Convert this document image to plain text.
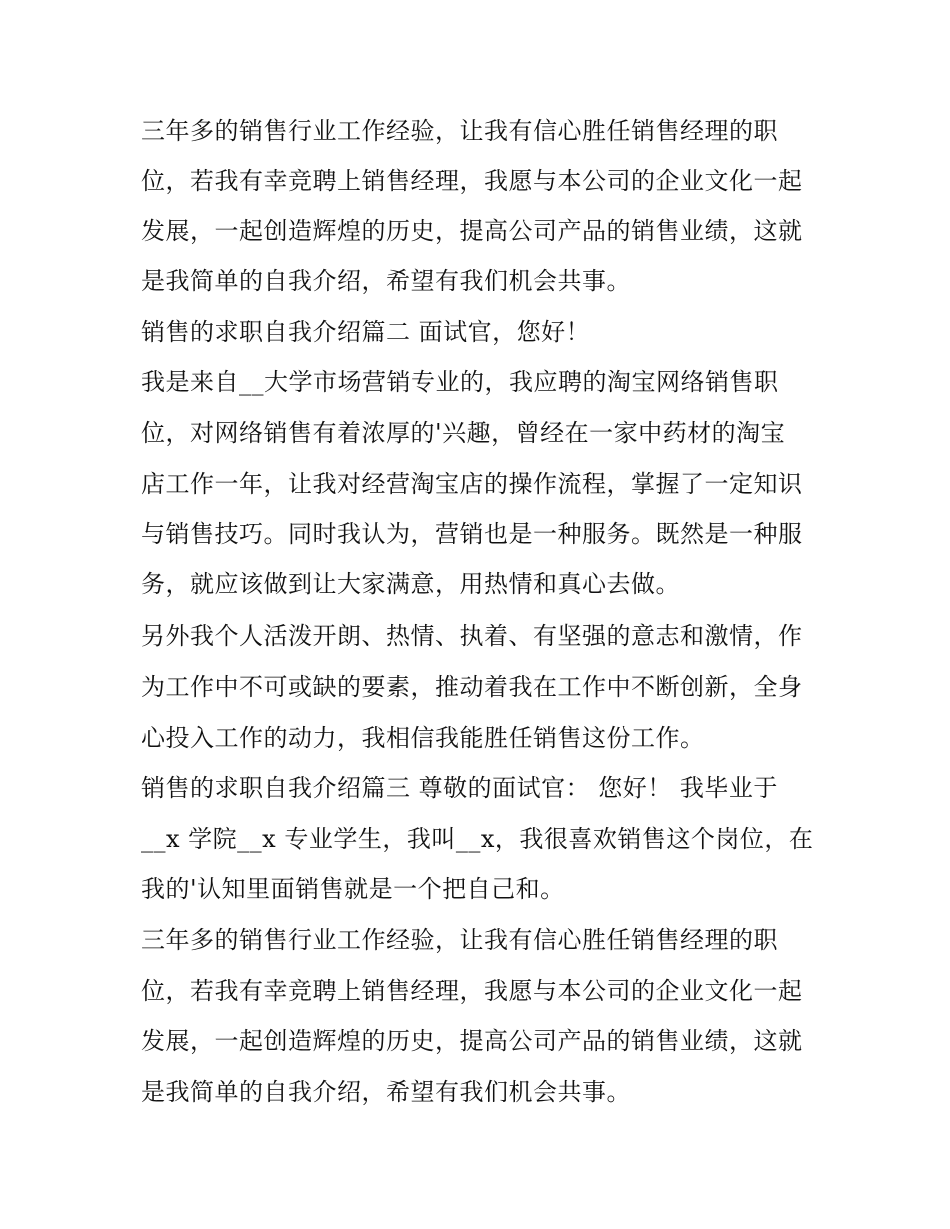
三年多的销售行业工作经验，让我有信心胜任销售经理的职
位，若我有幸竞聘上销售经理，我愿与本公司的企业文化一起
发展，一起创造辉煌的历史，提高公司产品的销售业绩，这就
是我简单的自我介绍，希望有我们机会共事。
销售的求职自我介绍篇二 面试官，您好！
我是来自__大学市场营销专业的，我应聘的淘宝网络销售职
位，对网络销售有着浓厚的'兴趣，曾经在一家中药材的淘宝
店工作一年，让我对经营淘宝店的操作流程，掌握了一定知识
与销售技巧。同时我认为，营销也是一种服务。既然是一种服
务，就应该做到让大家满意，用热情和真心去做。
另外我个人活泼开朗、热情、执着、有坚强的意志和激情，作
为工作中不可或缺的要素，推动着我在工作中不断创新，全身
心投入工作的动力，我相信我能胜任销售这份工作。
销售的求职自我介绍篇三 尊敬的面试官： 您好！ 我毕业于
__x 学院__x 专业学生，我叫__x，我很喜欢销售这个岗位，在
我的'认知里面销售就是一个把自己和。
三年多的销售行业工作经验，让我有信心胜任销售经理的职
位，若我有幸竞聘上销售经理，我愿与本公司的企业文化一起
发展，一起创造辉煌的历史，提高公司产品的销售业绩，这就
是我简单的自我介绍，希望有我们机会共事。
